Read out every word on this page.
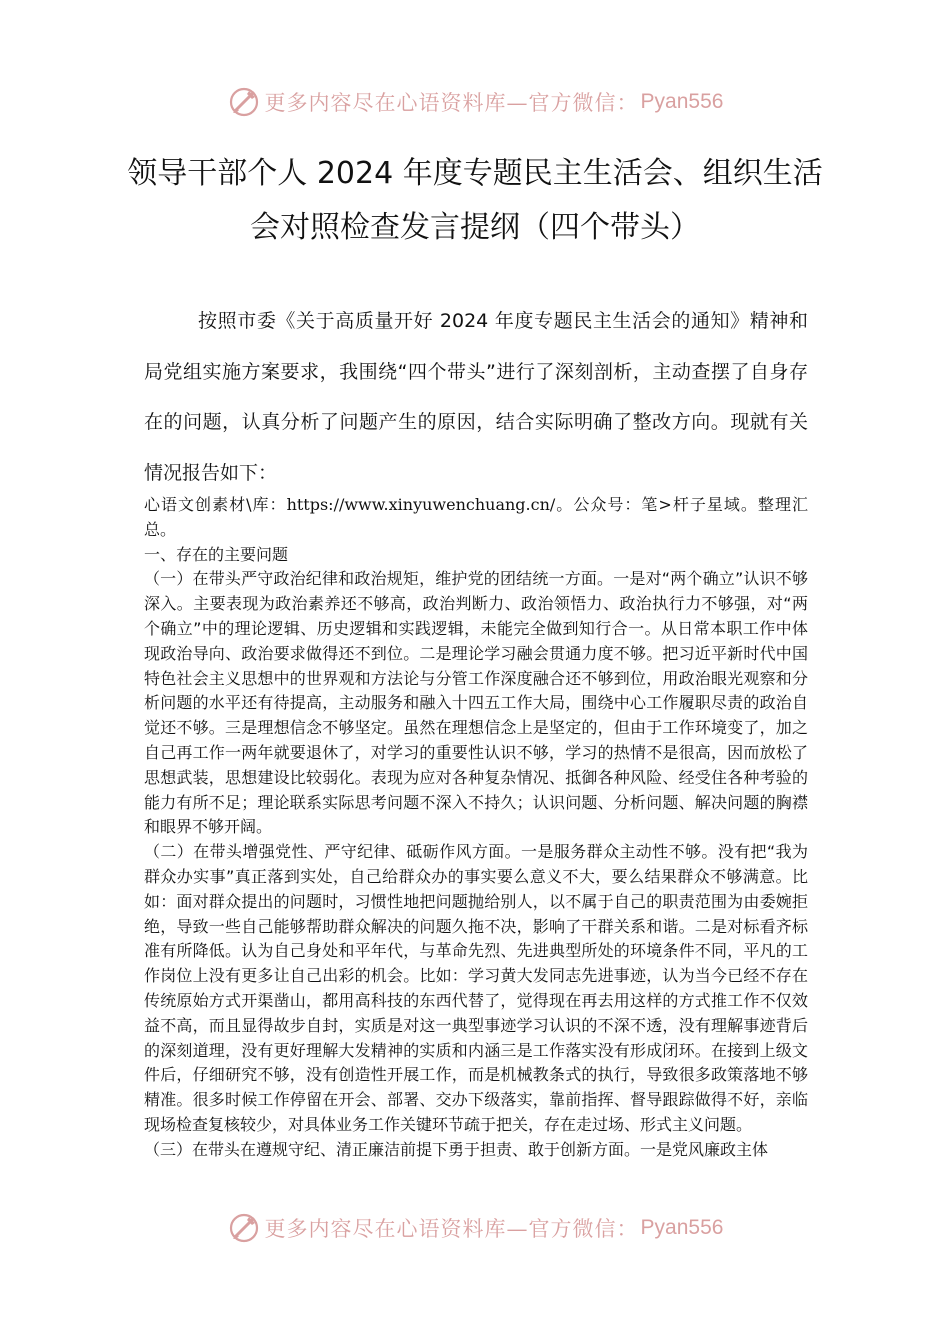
更多内容尽在心语资料库—官方微信： Pyan556
领导干部个人 2024 年度专题民主生活会、组织生活
会对照检查发言提纲（四个带头）
按照市委《关于高质量开好 2024 年度专题民主生活会的通知》精神和局党组实施方案要求，我围绕“四个带头”进行了深刻剖析，主动查摆了自身存在的问题，认真分析了问题产生的原因，结合实际明确了整改方向。现就有关情况报告如下：

心语文创素材\库：https://www.xinyuwenchuang.cn/。公众号：笔>杆子星域。整理汇总。

一、存在的主要问题

（一）在带头严守政治纪律和政治规矩，维护党的团结统一方面。一是对“两个确立”认识不够深入。主要表现为政治素养还不够高，政治判断力、政治领悟力、政治执行力不够强，对“两个确立”中的理论逻辑、历史逻辑和实践逻辑，未能完全做到知行合一。从日常本职工作中体现政治导向、政治要求做得还不到位。二是理论学习融会贯通力度不够。把习近平新时代中国特色社会主义思想中的世界观和方法论与分管工作深度融合还不够到位，用政治眼光观察和分析问题的水平还有待提高，主动服务和融入十四五工作大局，围绕中心工作履职尽责的政治自觉还不够。三是理想信念不够坚定。虽然在理想信念上是坚定的，但由于工作环境变了，加之自己再工作一两年就要退休了，对学习的重要性认识不够，学习的热情不是很高，因而放松了思想武装，思想建设比较弱化。表现为应对各种复杂情况、抵御各种风险、经受住各种考验的能力有所不足；理论联系实际思考问题不深入不持久；认识问题、分析问题、解决问题的胸襟和眼界不够开阔。

（二）在带头增强党性、严守纪律、砥砺作风方面。一是服务群众主动性不够。没有把“我为群众办实事”真正落到实处，自己给群众办的事实要么意义不大，要么结果群众不够满意。比如：面对群众提出的问题时，习惯性地把问题抛给别人，以不属于自己的职责范围为由委婉拒绝，导致一些自己能够帮助群众解决的问题久拖不决，影响了干群关系和谐。二是对标看齐标准有所降低。认为自己身处和平年代，与革命先烈、先进典型所处的环境条件不同，平凡的工作岗位上没有更多让自己出彩的机会。比如：学习黄大发同志先进事迹，认为当今已经不存在传统原始方式开渠凿山，都用高科技的东西代替了，觉得现在再去用这样的方式推工作不仅效益不高，而且显得故步自封，实质是对这一典型事迹学习认识的不深不透，没有理解事迹背后的深刻道理，没有更好理解大发精神的实质和内涵三是工作落实没有形成闭环。在接到上级文件后，仔细研究不够，没有创造性开展工作，而是机械教条式的执行，导致很多政策落地不够精准。很多时候工作停留在开会、部署、交办下级落实，靠前指挥、督导跟踪做得不好，亲临现场检查复核较少，对具体业务工作关键环节疏于把关，存在走过场、形式主义问题。

（三）在带头在遵规守纪、清正廉洁前提下勇于担责、敢于创新方面。一是党风廉政主体

更多内容尽在心语资料库—官方微信： Pyan556
